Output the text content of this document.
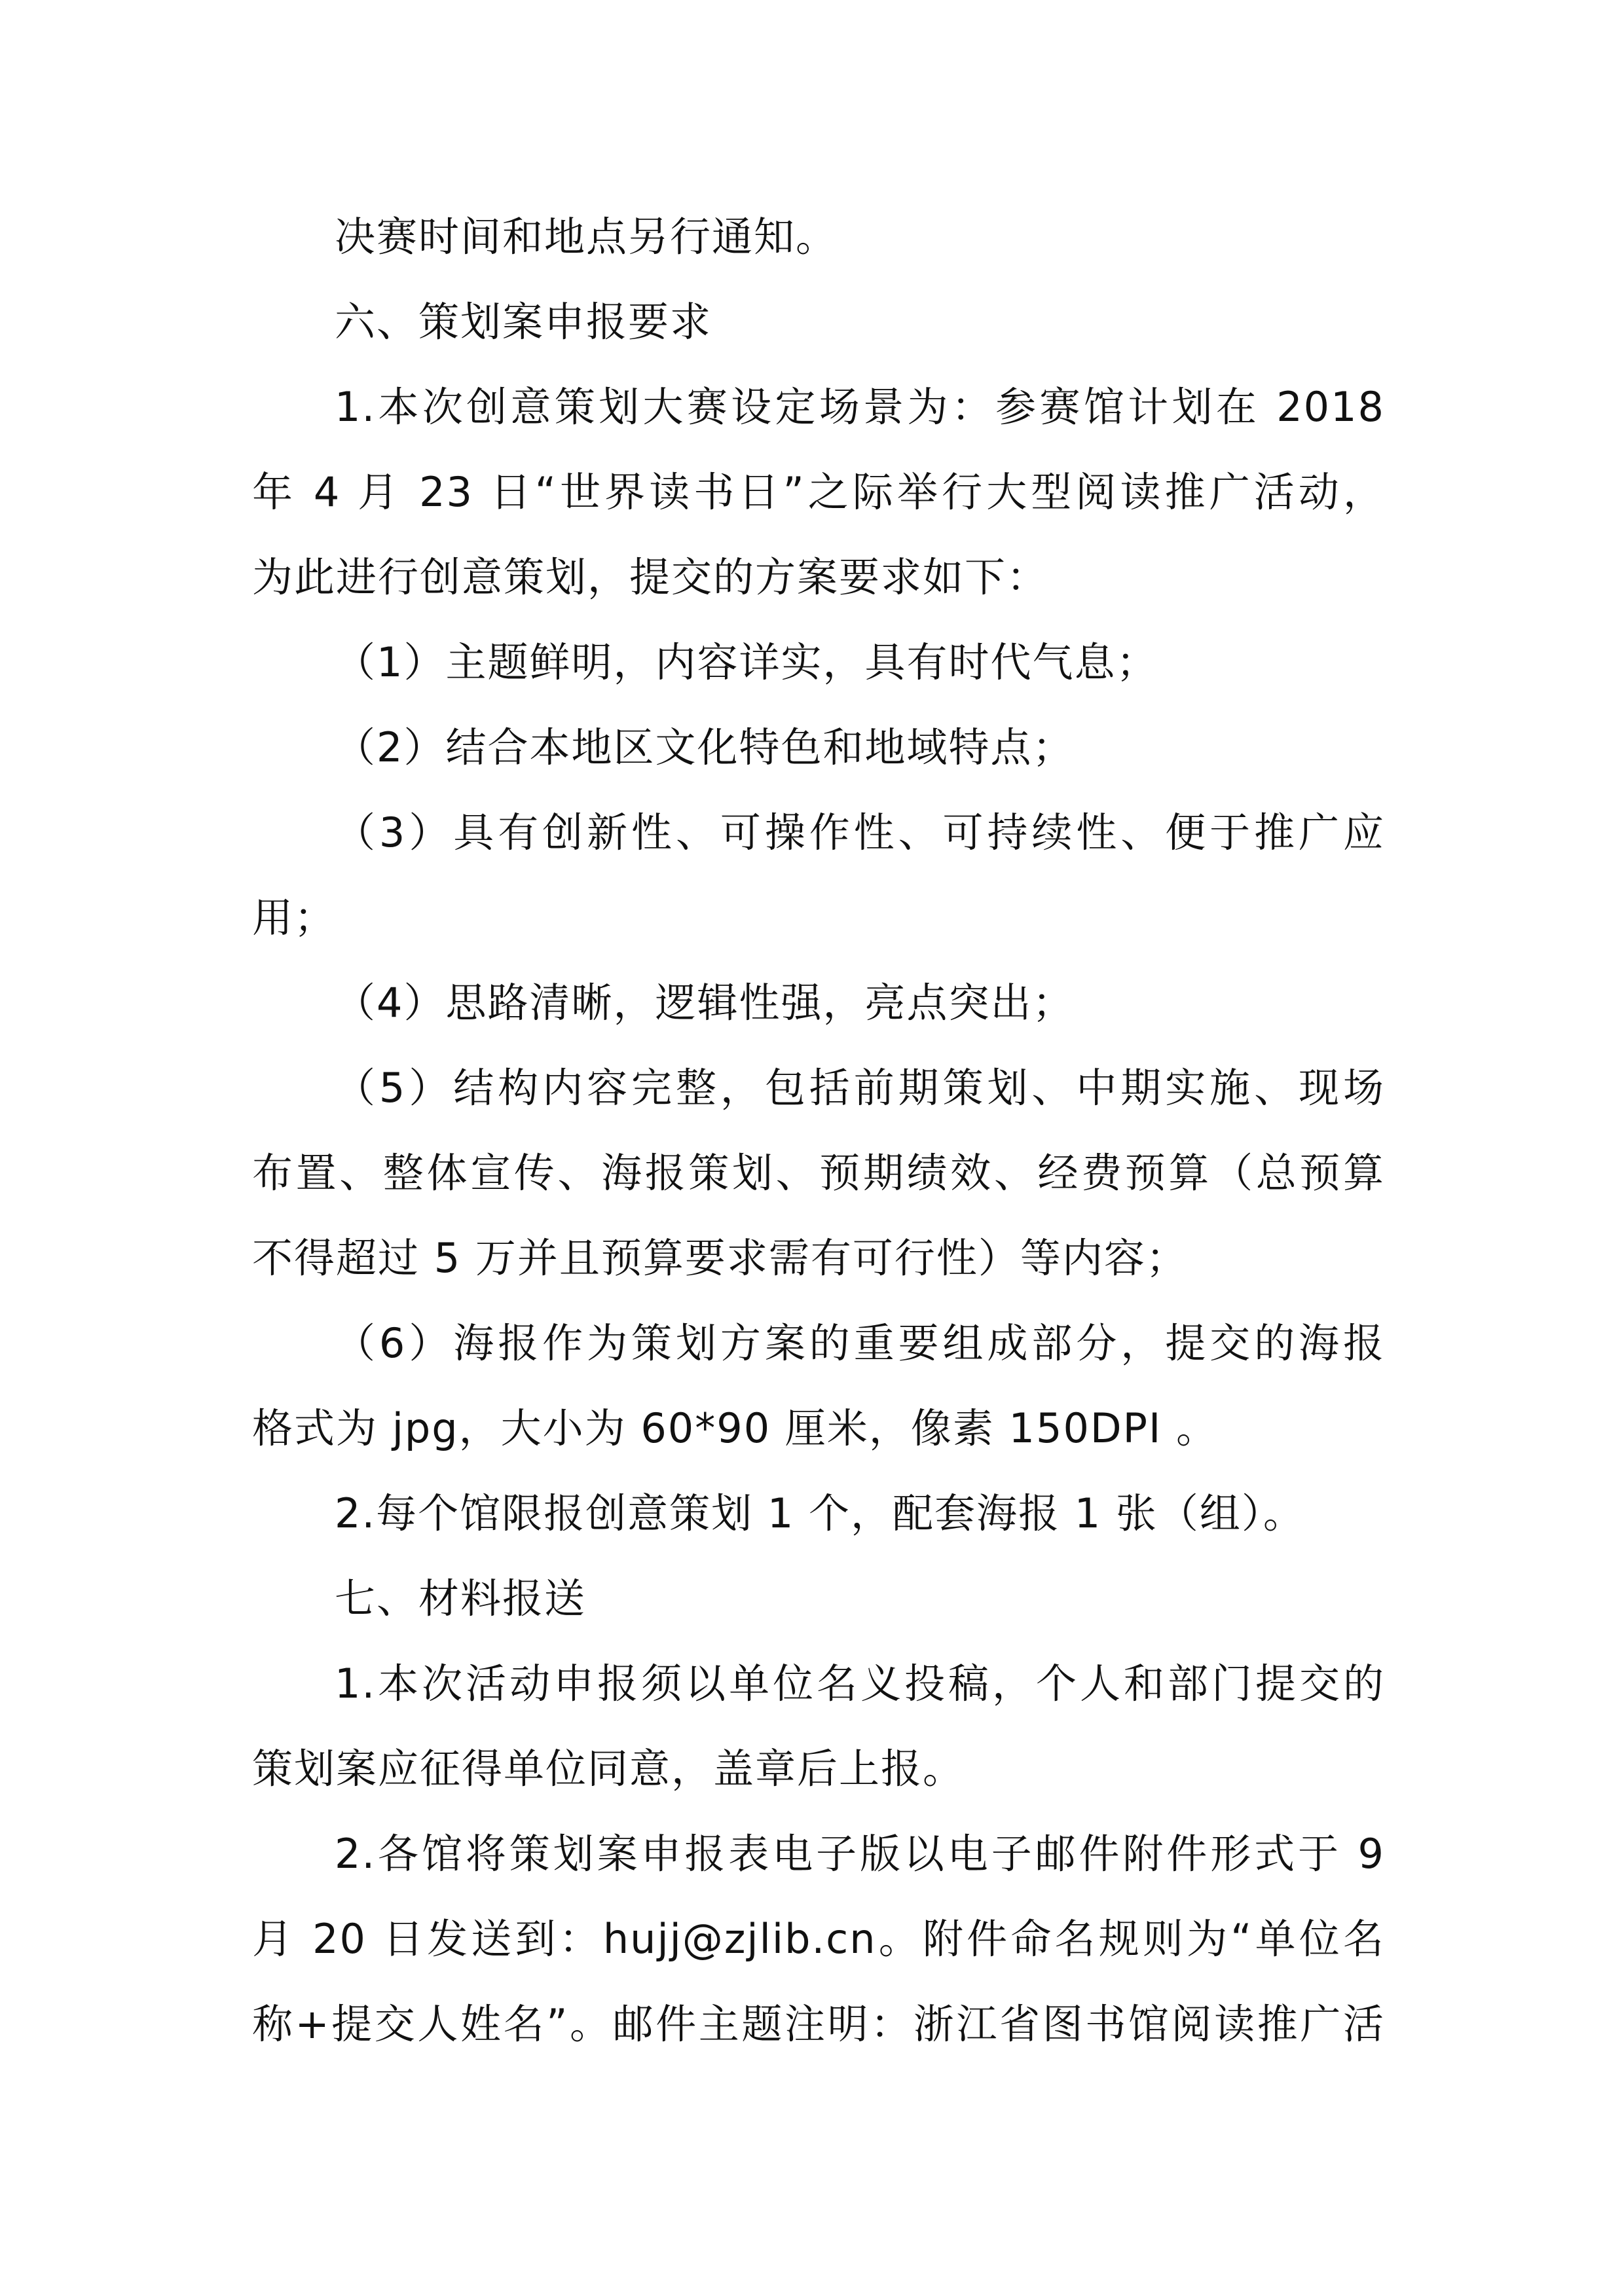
决赛时间和地点另行通知。
六、策划案申报要求
1.本次创意策划大赛设定场景为：参赛馆计划在 2018
年 4 月 23 日“世界读书日”之际举行大型阅读推广活动，
为此进行创意策划，提交的方案要求如下：
（1）主题鲜明，内容详实，具有时代气息；
（2）结合本地区文化特色和地域特点；
（3）具有创新性、可操作性、可持续性、便于推广应
用；
（4）思路清晰，逻辑性强，亮点突出；
（5）结构内容完整，包括前期策划、中期实施、现场
布置、整体宣传、海报策划、预期绩效、经费预算（总预算
不得超过 5 万并且预算要求需有可行性）等内容；
（6）海报作为策划方案的重要组成部分，提交的海报
格式为 jpg，大小为 60*90 厘米，像素 150DPI 。
2.每个馆限报创意策划 1 个，配套海报 1 张（组）。
七、材料报送
1.本次活动申报须以单位名义投稿，个人和部门提交的
策划案应征得单位同意，盖章后上报。
2.各馆将策划案申报表电子版以电子邮件附件形式于 9
月 20 日发送到：hujj@zjlib.cn。附件命名规则为“单位名
称+提交人姓名”。邮件主题注明：浙江省图书馆阅读推广活
